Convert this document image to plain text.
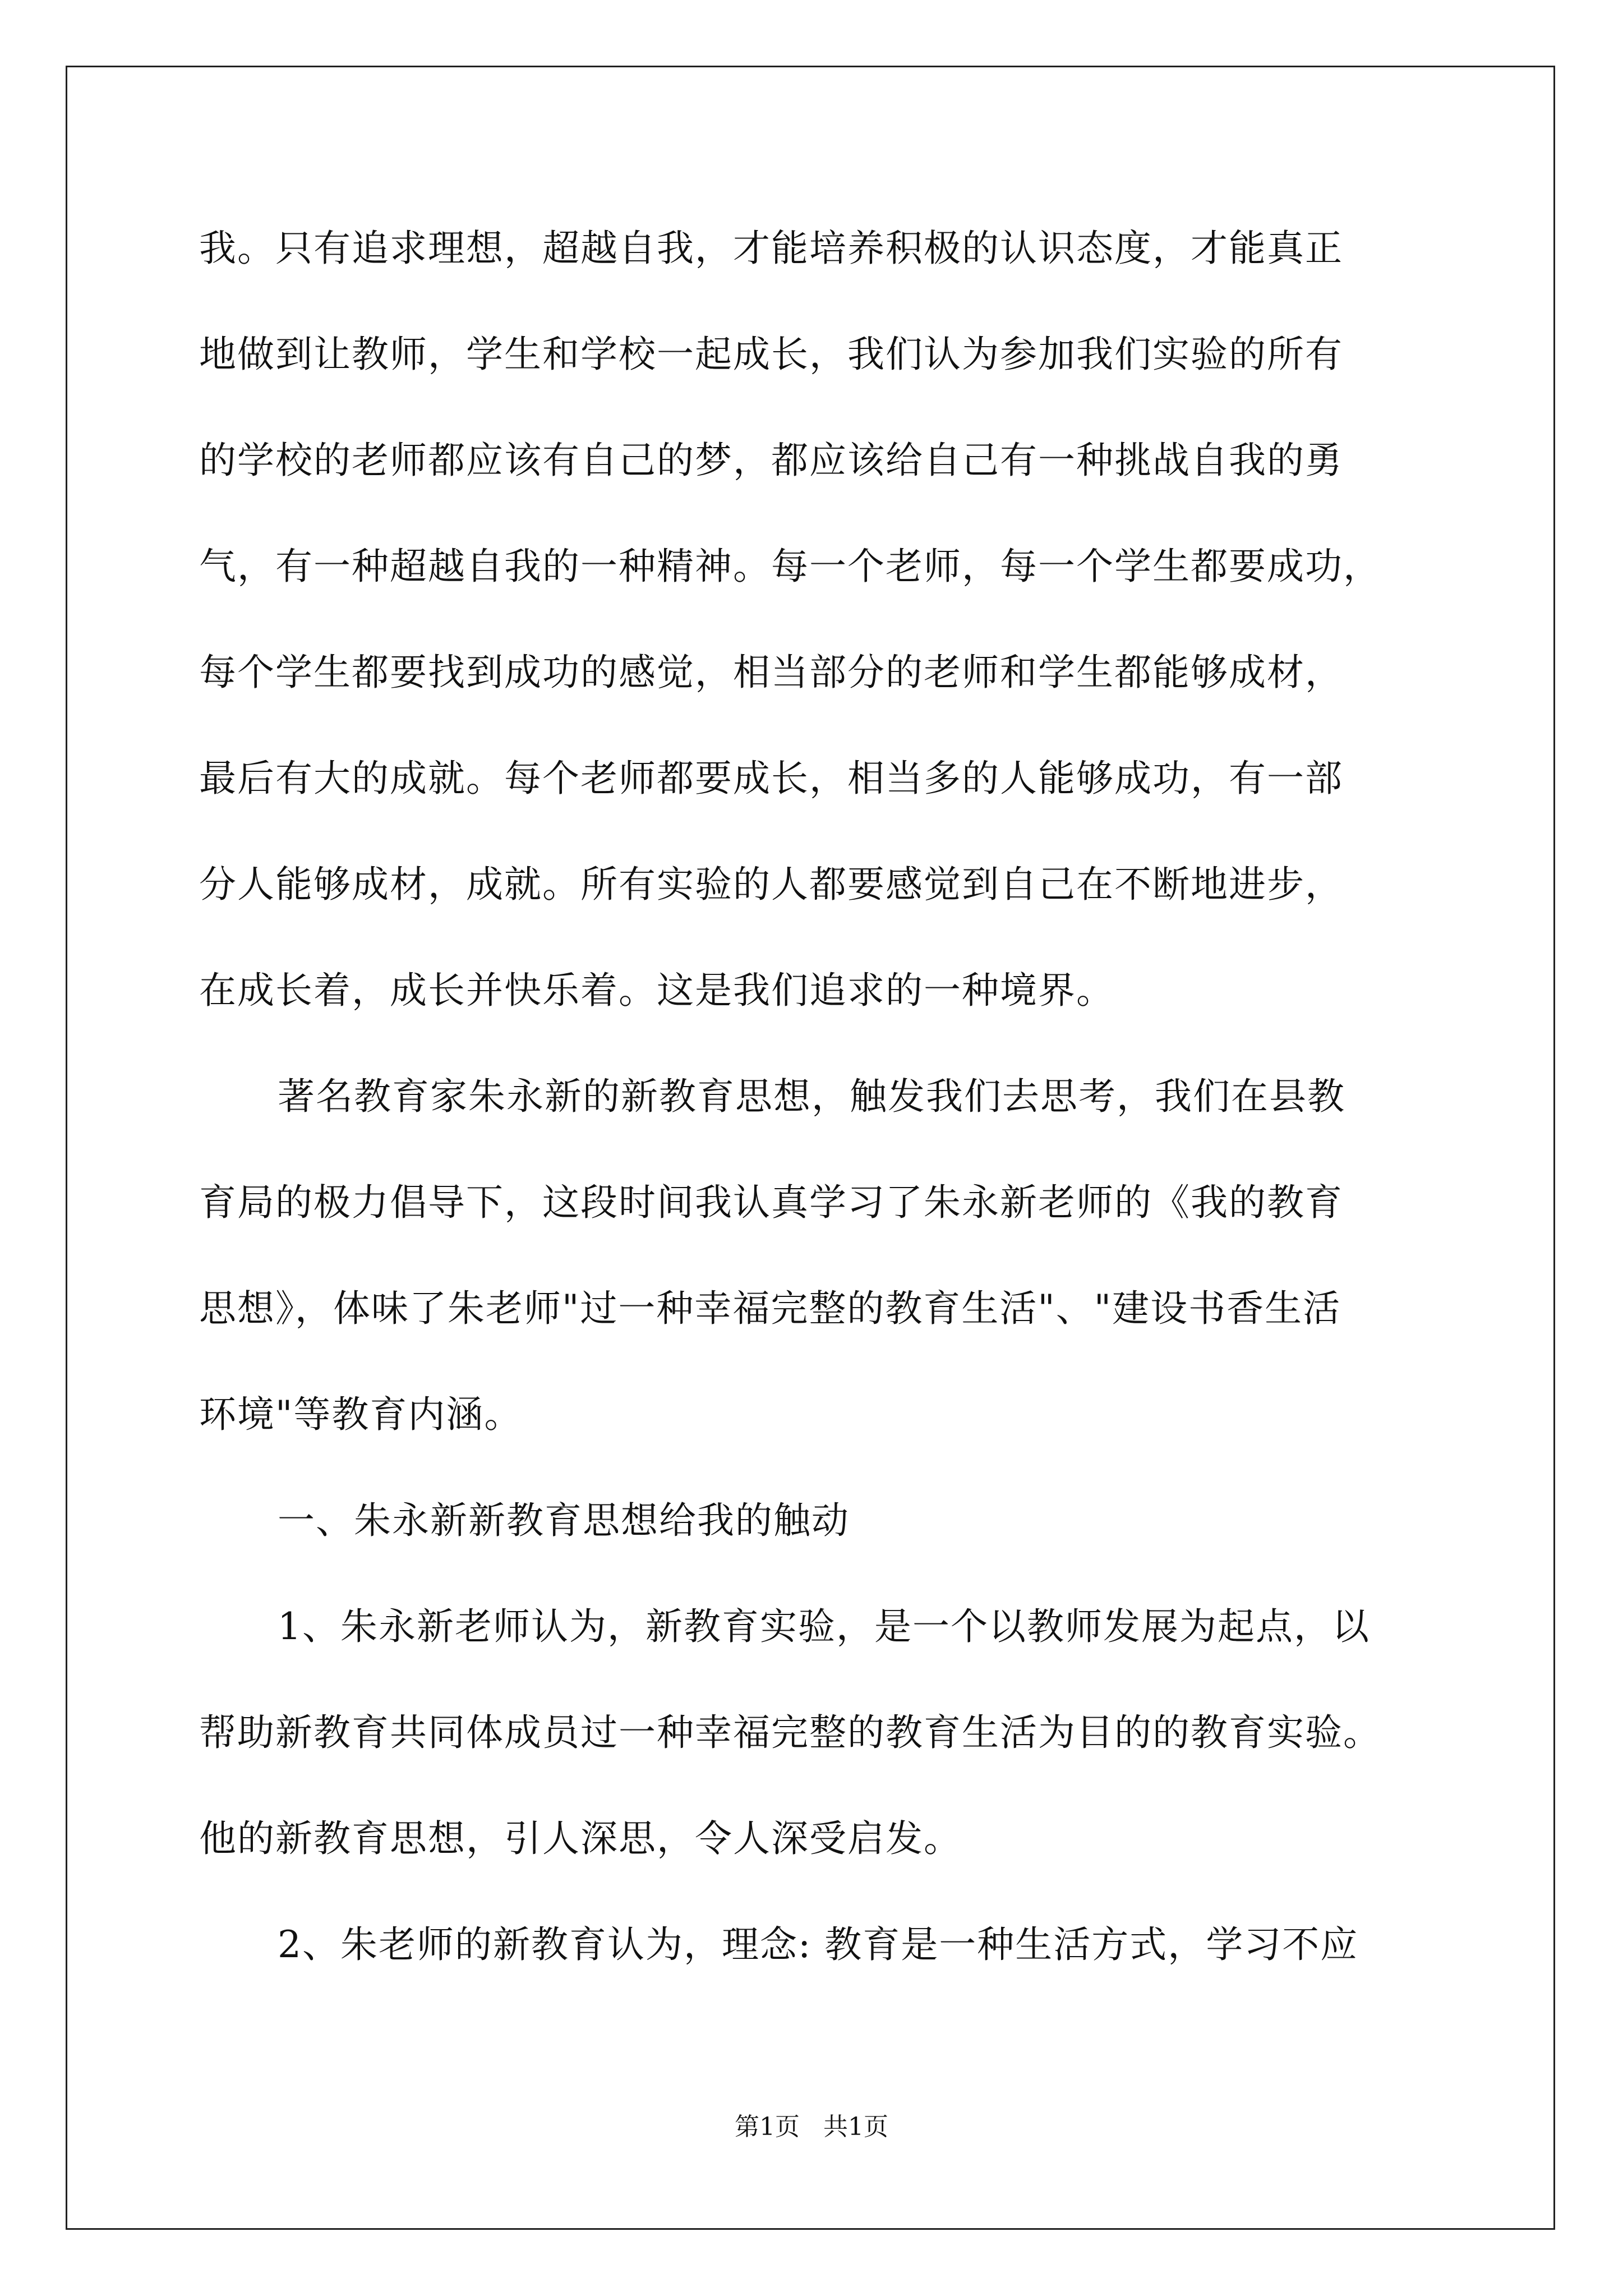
我。只有追求理想，超越自我，才能培养积极的认识态度，才能真正
地做到让教师，学生和学校一起成长，我们认为参加我们实验的所有
的学校的老师都应该有自己的梦，都应该给自己有一种挑战自我的勇
气，有一种超越自我的一种精神。每一个老师，每一个学生都要成功，
每个学生都要找到成功的感觉，相当部分的老师和学生都能够成材，
最后有大的成就。每个老师都要成长，相当多的人能够成功，有一部
分人能够成材，成就。所有实验的人都要感觉到自己在不断地进步，
在成长着，成长并快乐着。这是我们追求的一种境界。
著名教育家朱永新的新教育思想，触发我们去思考，我们在县教
育局的极力倡导下，这段时间我认真学习了朱永新老师的《我的教育
思想》，体味了朱老师"过一种幸福完整的教育生活"、"建设书香生活
环境"等教育内涵。
一、朱永新新教育思想给我的触动
1、朱永新老师认为，新教育实验，是一个以教师发展为起点，以
帮助新教育共同体成员过一种幸福完整的教育生活为目的的教育实验。
他的新教育思想，引人深思，令人深受启发。
2、朱老师的新教育认为，理念: 教育是一种生活方式，学习不应
第1页   共1页
